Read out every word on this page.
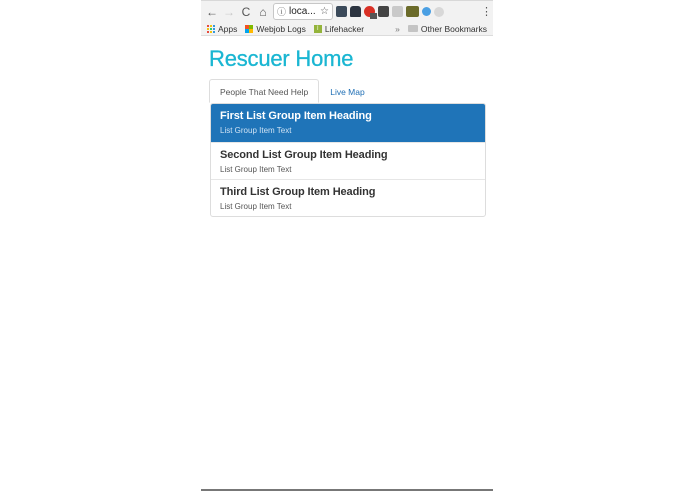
← → C ⌂	ⓘ loca... ☆	⋮
Apps Webjob Logs	l Lifehacker	» Other Bookmarks
Rescuer Home
People That Need Help	Live Map
First List Group Item Heading
List Group Item Text
Second List Group Item Heading
List Group Item Text
Third List Group Item Heading
List Group Item Text
